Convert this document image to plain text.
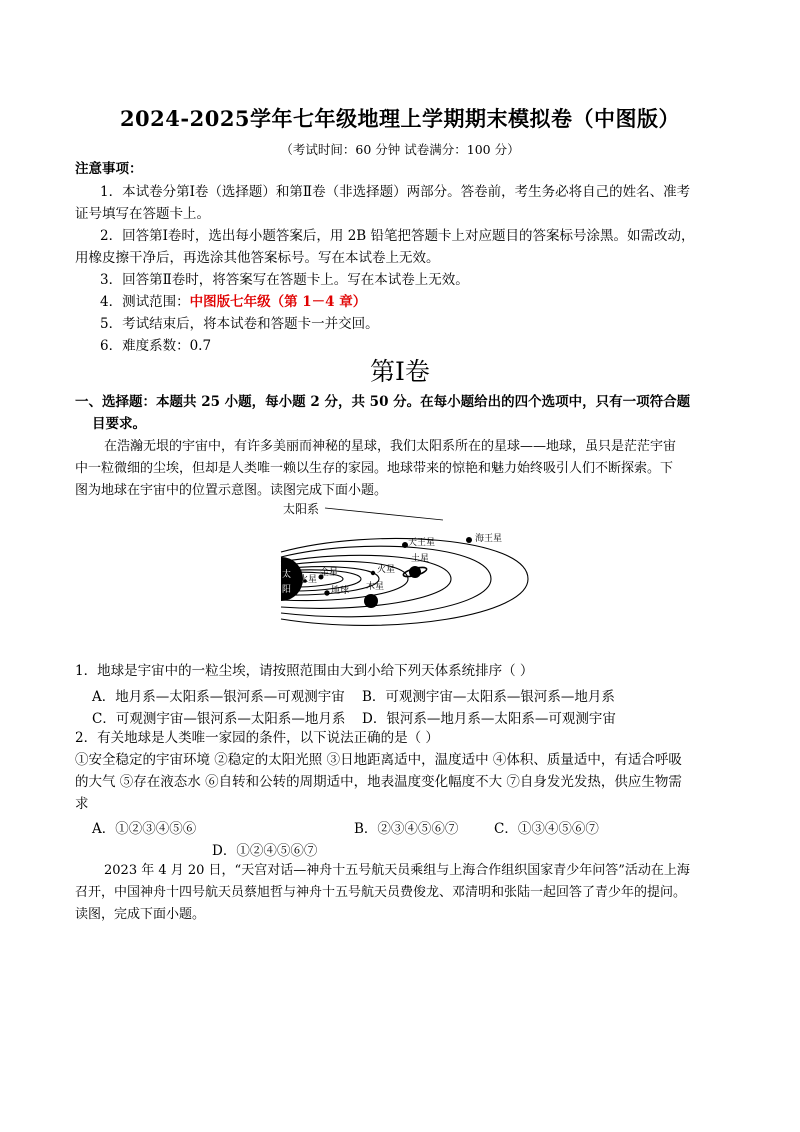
2024-2025学年七年级地理上学期期末模拟卷（中图版）
（考试时间：60 分钟 试卷满分：100 分）
注意事项：
1．本试卷分第Ⅰ卷（选择题）和第Ⅱ卷（非选择题）两部分。答卷前，考生务必将自己的姓名、准考
证号填写在答题卡上。
2．回答第Ⅰ卷时，选出每小题答案后，用 2B 铅笔把答题卡上对应题目的答案标号涂黑。如需改动，
用橡皮擦干净后，再选涂其他答案标号。写在本试卷上无效。
3．回答第Ⅱ卷时，将答案写在答题卡上。写在本试卷上无效。
4．测试范围：中图版七年级（第 1－4 章）
5．考试结束后，将本试卷和答题卡一并交回。
6．难度系数：0.7
第Ⅰ卷
一、选择题：本题共 25 小题，每小题 2 分，共 50 分。在每小题给出的四个选项中，只有一项符合题
目要求。
在浩瀚无垠的宇宙中，有许多美丽而神秘的星球，我们太阳系所在的星球——地球，虽只是茫茫宇宙
中一粒微细的尘埃，但却是人类唯一赖以生存的家园。地球带来的惊艳和魅力始终吸引人们不断探索。下
图为地球在宇宙中的位置示意图。读图完成下面小题。
太阳系
太
阳
水星
金星
地球
火星
木星
土星
天王星	海王星
1．地球是宇宙中的一粒尘埃，请按照范围由大到小给下列天体系统排序（ ）
A．地月系—太阳系—银河系—可观测宇宙 B．可观测宇宙—太阳系—银河系—地月系
C．可观测宇宙—银河系—太阳系—地月系 D．银河系—地月系—太阳系—可观测宇宙
2．有关地球是人类唯一家园的条件，以下说法正确的是（ ）
①安全稳定的宇宙环境 ②稳定的太阳光照 ③日地距离适中，温度适中 ④体积、质量适中，有适合呼吸
的大气 ⑤存在液态水 ⑥自转和公转的周期适中，地表温度变化幅度不大 ⑦自身发光发热，供应生物需
求
A．①②③④⑤⑥	B．②③④⑤⑥⑦	C．①③④⑤⑥⑦
D．①②④⑤⑥⑦
2023 年 4 月 20 日，“天宫对话—神舟十五号航天员乘组与上海合作组织国家青少年问答”活动在上海
召开，中国神舟十四号航天员蔡旭哲与神舟十五号航天员费俊龙、邓清明和张陆一起回答了青少年的提问。
读图，完成下面小题。
